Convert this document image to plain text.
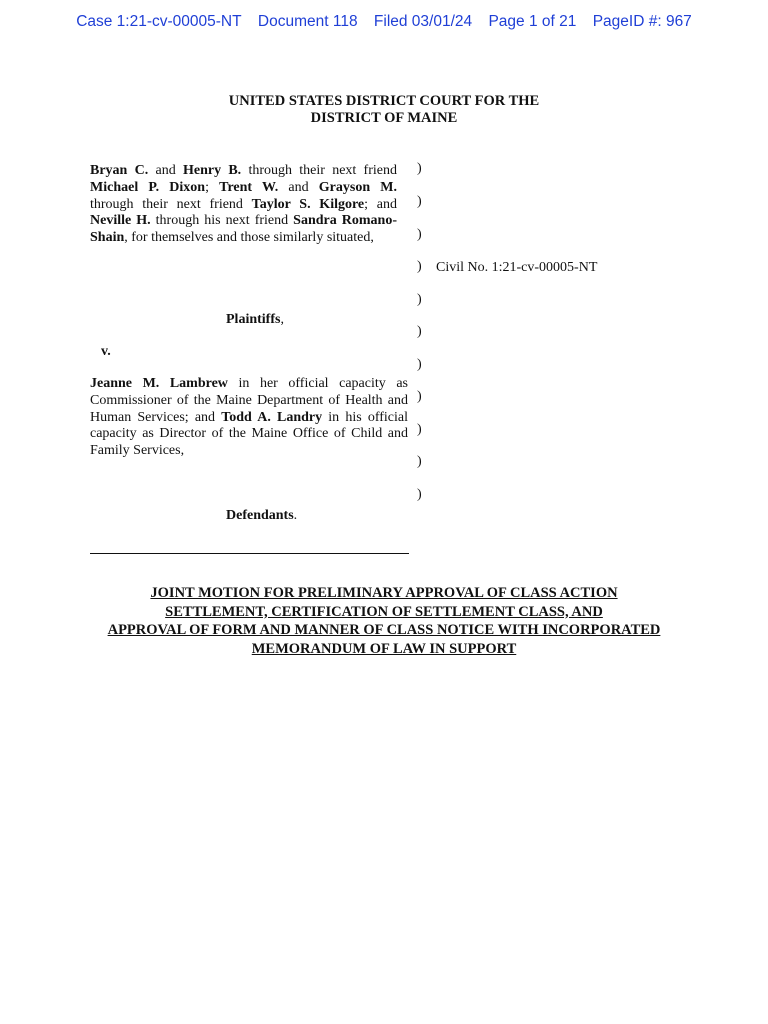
Case 1:21-cv-00005-NT Document 118 Filed 03/01/24 Page 1 of 21 PageID #: 967
UNITED STATES DISTRICT COURT FOR THE
DISTRICT OF MAINE
Bryan C. and Henry B. through their next friend Michael P. Dixon; Trent W. and Grayson M. through their next friend Taylor S. Kilgore; and Neville H. through his next friend Sandra Romano-Shain, for themselves and those similarly situated,
Plaintiffs,
v.
Jeanne M. Lambrew in her official capacity as Commissioner of the Maine Department of Health and Human Services; and Todd A. Landry in his official capacity as Director of the Maine Office of Child and Family Services,
Defendants.
)
)
)
)
)
)
)
)
)
)
)
Civil No. 1:21-cv-00005-NT
JOINT MOTION FOR PRELIMINARY APPROVAL OF CLASS ACTION
SETTLEMENT, CERTIFICATION OF SETTLEMENT CLASS, AND
APPROVAL OF FORM AND MANNER OF CLASS NOTICE WITH INCORPORATED
MEMORANDUM OF LAW IN SUPPORT
